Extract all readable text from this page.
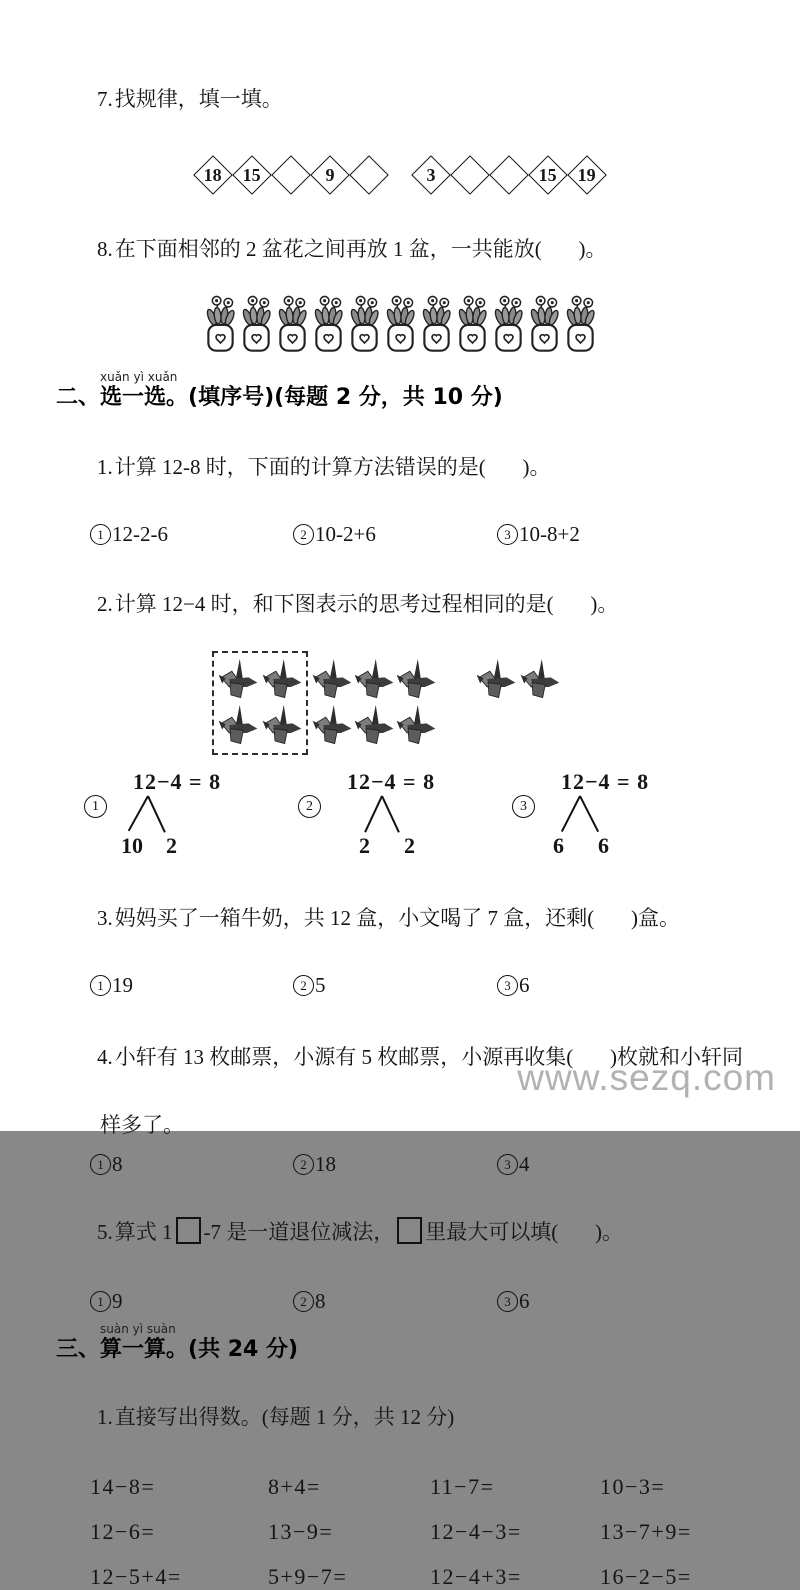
7.找规律，填一填。

18 15	9	3	15 19

8.在下面相邻的 2 盆花之间再放 1 盆，一共能放(       )。

xuǎn yì xuǎn
二、选一选。(填序号)(每题 2 分，共 10 分)

1.计算 12-8 时，下面的计算方法错误的是(       )。

1 12-2-6	2 10-2+6	3 10-8+2

2.计算 12−4 时，和下图表示的思考过程相同的是(       )。

1
12−4 = 8
10 2
2
12−4 = 8
2 2
3
12−4 = 8
6 6

3.妈妈买了一箱牛奶，共 12 盒，小文喝了 7 盒，还剩(       )盒。

1 19	2 5	3 6

4.小轩有 13 枚邮票，小源有 5 枚邮票，小源再收集(       )枚就和小轩同

样多了。
1 8	2 18	3 4

5.算式 1 -7 是一道退位减法， 里最大可以填(       )。

1 9	2 8	3 6
suàn yì suàn
三、算一算。(共 24 分)

1.直接写出得数。(每题 1 分，共 12 分)

14−8=	8+4=	11−7=	10−3=
12−6=	13−9=	12−4−3=	13−7+9=
12−5+4=	5+9−7=	12−4+3=	16−2−5=
www.sezq.com
